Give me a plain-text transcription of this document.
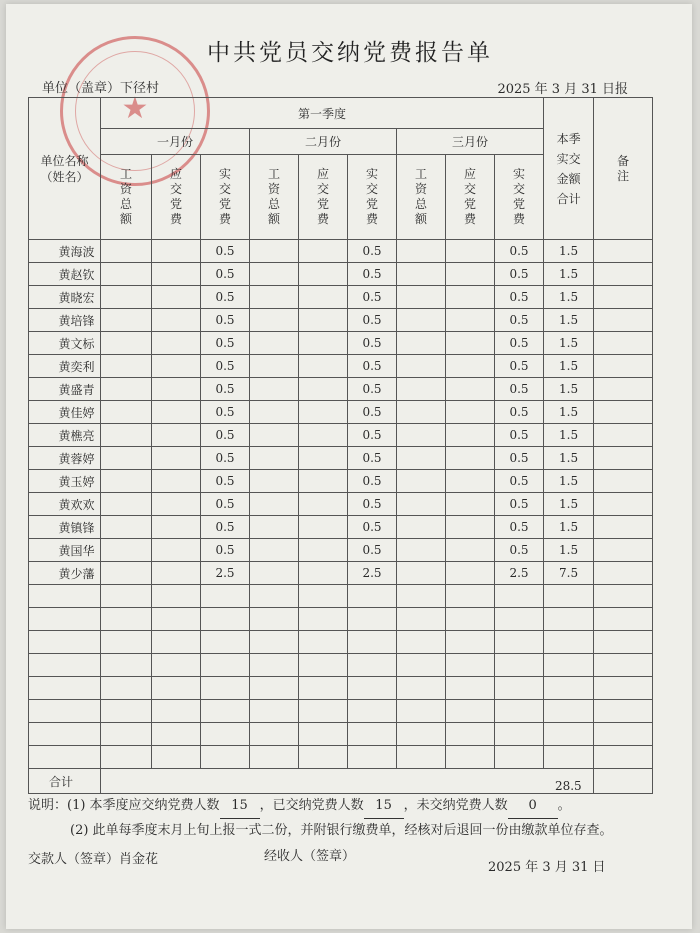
★
中共党员交纳党费报告单
单位（盖章）下径村	2025 年 3 月 31 日报
单位名称（姓名）	第一季度									本季实交金额合计	备注
	一月份			二月份			三月份				
	工资总额	应交党费	实交党费	工资总额	应交党费	实交党费	工资总额	应交党费	实交党费		
黄海波			0.5			0.5			0.5	1.5	
黄赵钦			0.5			0.5			0.5	1.5	
黄晓宏			0.5			0.5			0.5	1.5	
黄培锋			0.5			0.5			0.5	1.5	
黄文标			0.5			0.5			0.5	1.5	
黄奕利			0.5			0.5			0.5	1.5	
黄盛青			0.5			0.5			0.5	1.5	
黄佳婷			0.5			0.5			0.5	1.5	
黄樵亮			0.5			0.5			0.5	1.5	
黄蓉婷			0.5			0.5			0.5	1.5	
黄玉婷			0.5			0.5			0.5	1.5	
黄欢欢			0.5			0.5			0.5	1.5	
黄镇锋			0.5			0.5			0.5	1.5	
黄国华			0.5			0.5			0.5	1.5	
黄少藩			2.5			2.5			2.5	7.5	

合计										28.5	
说明：(1) 本季度应交纳党费人数 15 ，已交纳党费人数 15 ，未交纳党费人数 0 。
(2) 此单每季度末月上旬上报一式二份，并附银行缴费单，经核对后退回一份由缴款单位存查。
交款人（签章）肖金花	经收人（签章）
2025 年 3 月 31 日
